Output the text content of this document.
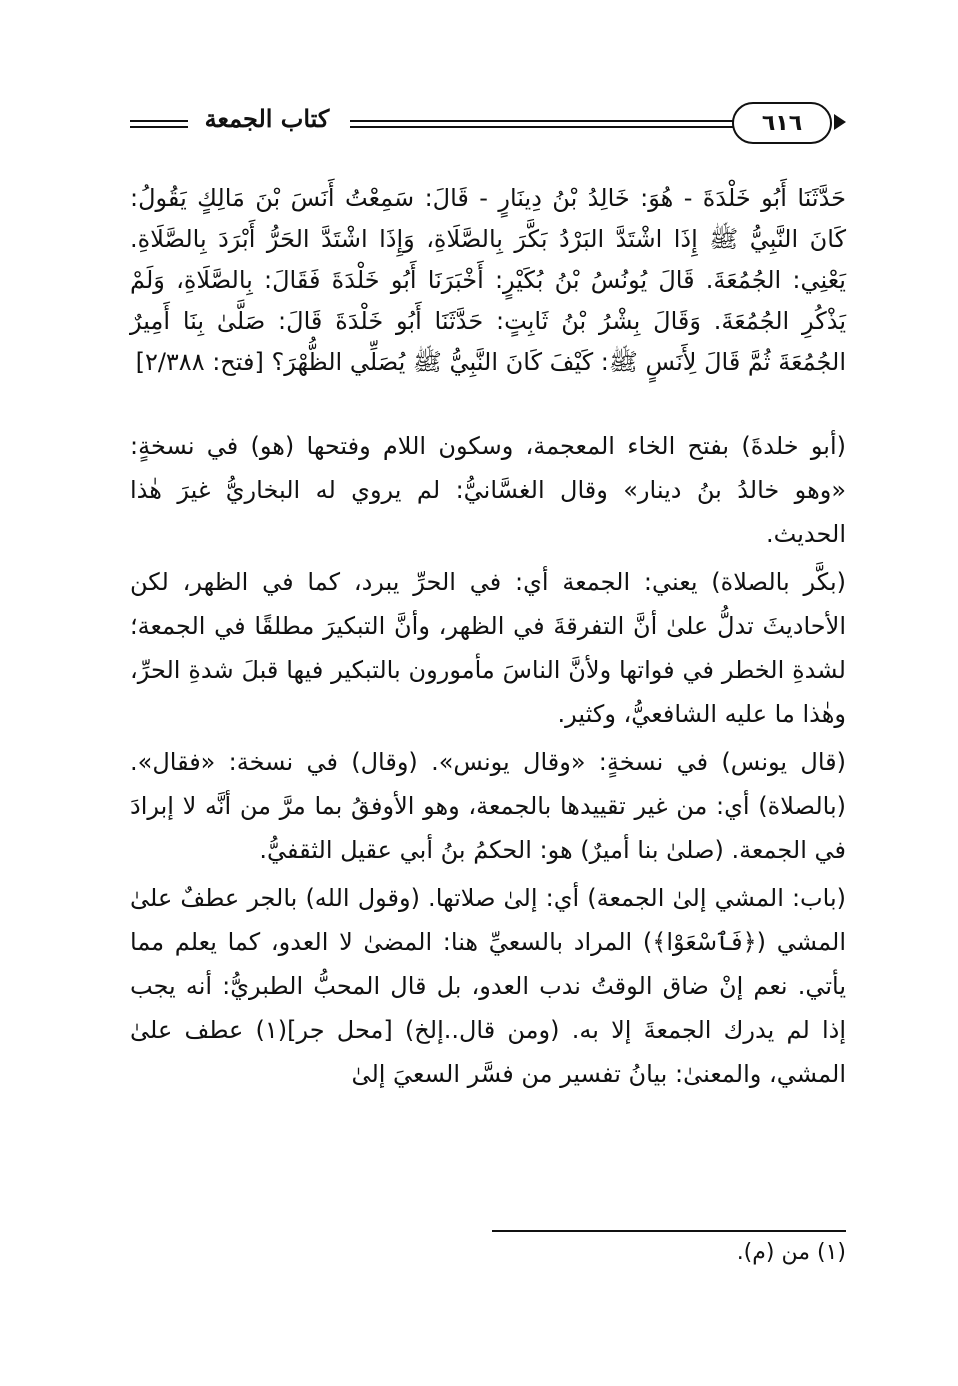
كتاب الجمعة	٦١٦

حَدَّثَنَا أَبُو خَلْدَةَ - هُوَ: خَالِدُ بْنُ دِينَارٍ - قَالَ: سَمِعْتُ أَنَسَ بْنَ مَالِكٍ يَقُولُ: كَانَ النَّبِيُّ ﷺ إِذَا اشْتَدَّ البَرْدُ بَكَّرَ بِالصَّلَاةِ، وَإِذَا اشْتَدَّ الحَرُّ أَبْرَدَ بِالصَّلَاةِ. يَعْنِي: الجُمُعَةَ. قَالَ يُونُسُ بْنُ بُكَيْرٍ: أَخْبَرَنَا أَبُو خَلْدَةَ فَقَالَ: بِالصَّلَاةِ، وَلَمْ يَذْكُرِ الجُمُعَةَ. وَقَالَ بِشْرُ بْنُ ثَابِتٍ: حَدَّثَنَا أَبُو خَلْدَةَ قَالَ: صَلَّىٰ بِنَا أَمِيرٌ الجُمُعَةَ ثُمَّ قَالَ لِأَنَسٍ ﷺ: كَيْفَ كَانَ النَّبِيُّ ﷺ يُصَلِّي الظُّهْرَ؟ [فتح: ٢/٣٨٨]

(أبو خلدةَ) بفتح الخاء المعجمة، وسكون اللام وفتحها (هو) في نسخةٍ: «وهو خالدُ بنُ دينار» وقال الغسَّانيُّ: لم يروي له البخاريُّ غيرَ هٰذا الحديث.

(بكَّر بالصلاة) يعني: الجمعة أي: في الحرِّ يبرد، كما في الظهر، لكن الأحاديثَ تدلُّ علىٰ أنَّ التفرقةَ في الظهر، وأنَّ التبكيرَ مطلقًا في الجمعة؛ لشدةِ الخطر في فواتها ولأنَّ الناسَ مأمورون بالتبكير فيها قبلَ شدةِ الحرِّ، وهٰذا ما عليه الشافعيُّ، وكثير.

(قال يونس) في نسخةٍ: «وقال يونس». (وقال) في نسخة: «فقال». (بالصلاة) أي: من غير تقييدها بالجمعة، وهو الأوفقُ بما مرَّ من أنَّه لا إبرادَ في الجمعة. (صلىٰ بنا أميرٌ) هو: الحكمُ بنُ أبي عقيل الثقفيُّ.

(باب: المشي إلىٰ الجمعة) أي: إلىٰ صلاتها. (وقول الله) بالجر عطفٌ علىٰ المشي (﴿فَٱسْعَوْا﴾) المراد بالسعيِّ هنا: المضىٰ لا العدو، كما يعلم مما يأتي. نعم إنْ ضاق الوقتُ ندب العدو، بل قال المحبُّ الطبريُّ: أنه يجب إذا لم يدرك الجمعةَ إلا به. (ومن قال..إلخ) [محل جر](١) عطف علىٰ المشي، والمعنىٰ: بيانُ تفسير من فسَّر السعيَ إلىٰ

(١) من (م).
